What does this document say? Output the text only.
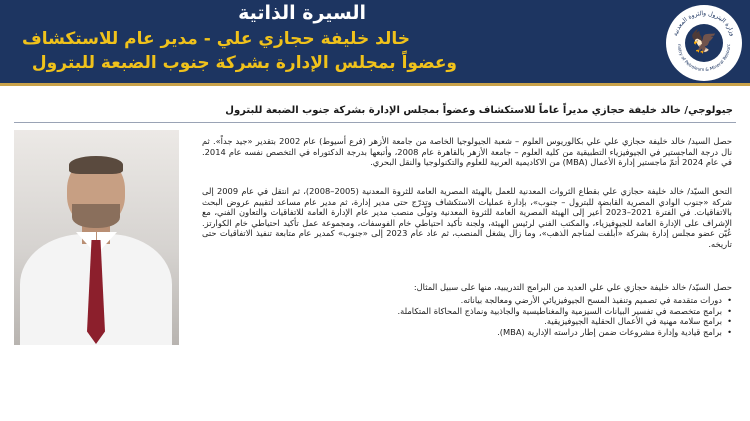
وزارة البترول والثروة المعدنية
nistry of Petroleum & Mineral Resourc
🦅
السيرة الذاتية
خالد خليفة حجازي علي - مدير عام للاستكشاف
وعضواً بمجلس الإدارة بشركة جنوب الضبعة للبترول
جيولوجي/ خالد خليفة حجازي مديراً عاماً للاستكشاف وعضواً بمجلس الإدارة بشركة جنوب الضبعة للبترول

حصل السيد/ خالد خليفة حجازي علي علي بكالوريوس العلوم – شعبة الجيولوجيا الخاصة من جامعة الأزهر (فرع أسيوط) عام 2002 بتقدير «جيد جداً». ثم نال درجة الماجستير في الجيوفيزياء التطبيقية من كلية العلوم – جامعة الأزهر بالقاهرة عام 2008، وأتبعها بدرجة الدكتوراه في التخصص نفسه عام 2014. في عام 2024 أتمّ ماجستير إدارة الأعمال (MBA) من الاكاديمية العربية للعلوم والتكنولوجيا والنقل البحري.

التحق السيّد/ خالد خليفة حجازي علي بقطاع الثروات المعدنية للعمل بالهيئة المصرية العامة للثروة المعدنية (2005–2008)، ثم انتقل في عام 2009 إلى شركة «جنوب الوادي المصرية القابضة للبترول – جنوب»، بإدارة عمليات الاستكشاف وتدرّج حتى مدير إدارة، ثم مدير عام مساعد لتقييم عروض البحث بالاتفاقيات. في الفترة 2021–2023 أُعير إلى الهيئة المصرية العامة للثروة المعدنية وتولّى منصب مدير عام الإدارة العامة للاتفاقيات والتعاون الفني، مع الإشراف على الإدارة العامة للجيوفيزياء، والمكتب الفني لرئيس الهيئة، ولجنة تأكيد احتياطي خام الفوسفات، ومجموعة عمل تأكيد احتياطي خام الكوارتز. عُيّن عضو مجلس إدارة بشركة «أبلفت لمناجم الذهب»، وما زال يشغل المنصب، ثم عاد عام 2023 إلى «جنوب» كمدير عام متابعة تنفيذ الاتفاقيات حتى تاريخه.

حصل السيّد/ خالد خليفة حجازي علي علي العديد من البرامج التدريبية، منها على سبيل المثال:

• دورات متقدمة في تصميم وتنفيذ المسح الجيوفيزيائي الأرضي ومعالجة بياناته.
• برامج متخصصة في تفسير البيانات السيزمية والمغناطيسية والجاذبية ونماذج المحاكاة المتكاملة.
• برامج سلامة مهنية في الأعمال الحقلية الجيوفيزيقية.
• برامج قيادية وإدارة مشروعات ضمن إطار دراسته الإدارية (MBA).
